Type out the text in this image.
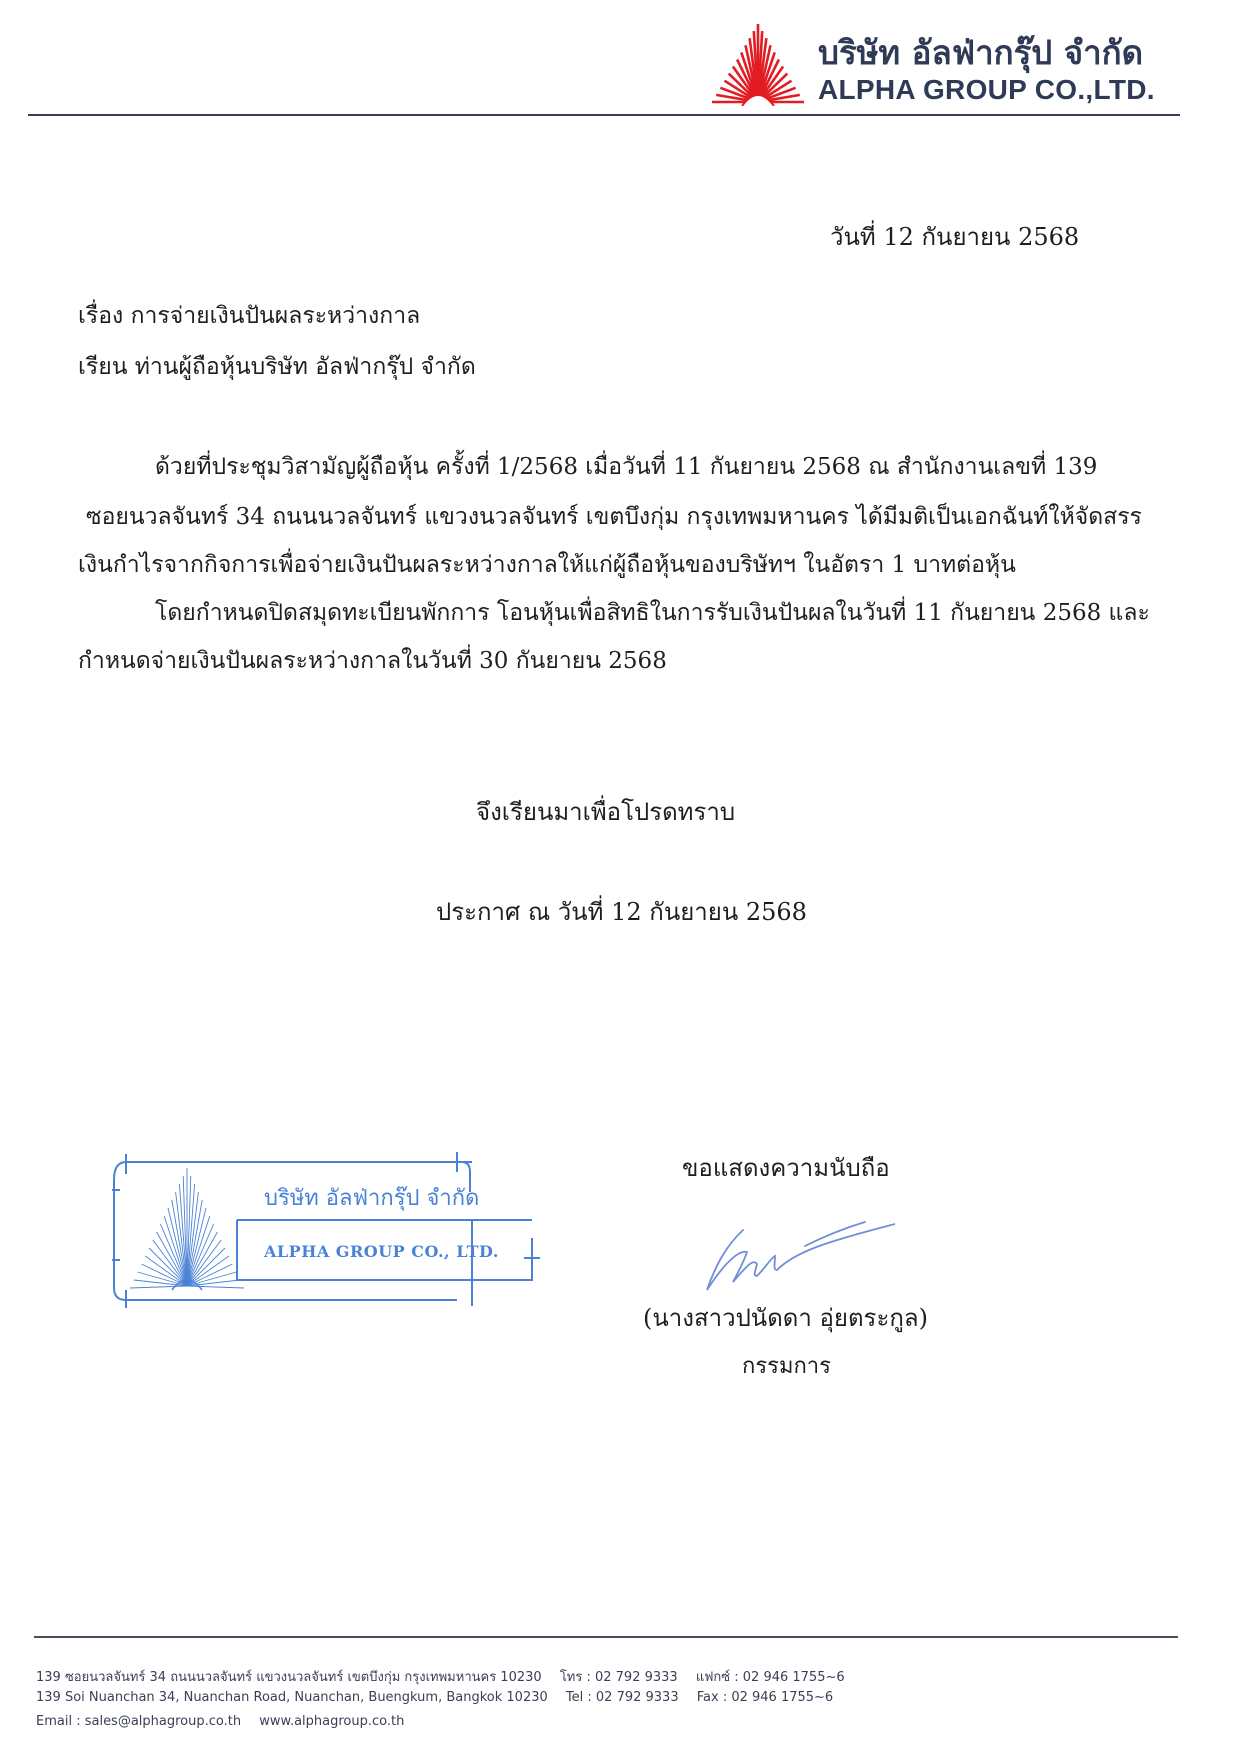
บริษัท อัลฟ่ากรุ๊ป จำกัด
ALPHA GROUP CO.,LTD.
วันที่ 12 กันยายน 2568
เรื่อง การจ่ายเงินปันผลระหว่างกาล
เรียน ท่านผู้ถือหุ้นบริษัท อัลฟ่ากรุ๊ป จำกัด
ด้วยที่ประชุมวิสามัญผู้ถือหุ้น ครั้งที่ 1/2568 เมื่อวันที่ 11 กันยายน 2568 ณ สำนักงานเลขที่ 139
ซอยนวลจันทร์ 34 ถนนนวลจันทร์ แขวงนวลจันทร์ เขตบึงกุ่ม กรุงเทพมหานคร ได้มีมติเป็นเอกฉันท์ให้จัดสรร
เงินกำไรจากกิจการเพื่อจ่ายเงินปันผลระหว่างกาลให้แก่ผู้ถือหุ้นของบริษัทฯ ในอัตรา 1 บาทต่อหุ้น
โดยกำหนดปิดสมุดทะเบียนพักการ โอนหุ้นเพื่อสิทธิในการรับเงินปันผลในวันที่ 11 กันยายน 2568 และ
กำหนดจ่ายเงินปันผลระหว่างกาลในวันที่ 30 กันยายน 2568
จึงเรียนมาเพื่อโปรดทราบ
ประกาศ ณ วันที่ 12 กันยายน 2568
บริษัท อัลฟ่ากรุ๊ป จำกัด
ALPHA GROUP CO., LTD.
ขอแสดงความนับถือ
(นางสาวปนัดดา อุ่ยตระกูล)
กรรมการ
139 ซอยนวลจันทร์ 34 ถนนนวลจันทร์ แขวงนวลจันทร์ เขตบึงกุ่ม กรุงเทพมหานคร 10230 โทร : 02 792 9333 แฟกซ์ : 02 946 1755~6
139 Soi Nuanchan 34, Nuanchan Road, Nuanchan, Buengkum, Bangkok 10230 Tel : 02 792 9333 Fax : 02 946 1755~6
Email : sales@alphagroup.co.th www.alphagroup.co.th
